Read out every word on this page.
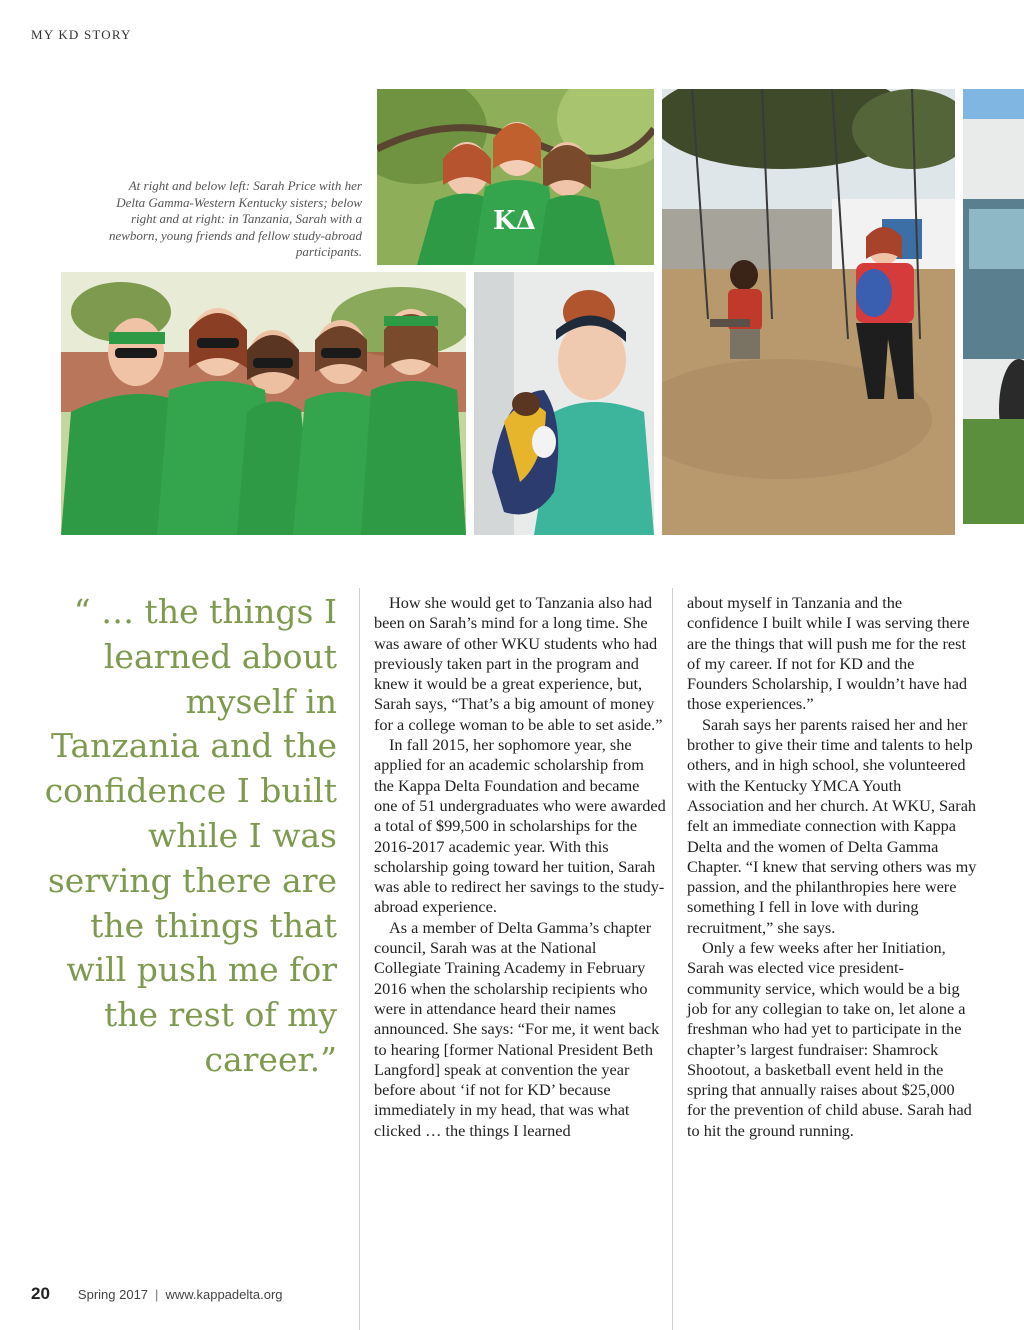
MY KD STORY
ΚΔ
At right and below left: Sarah Price with her Delta Gamma-Western Kentucky sisters; below right and at right: in Tanzania, Sarah with a newborn, young friends and fellow study-abroad participants.
“ … the things I learned about myself in Tanzania and the confidence I built while I was serving there are the things that will push me for the rest of my career.”

How she would get to Tanzania also had been on Sarah’s mind for a long time. She was aware of other WKU students who had previously taken part in the program and knew it would be a great experience, but, Sarah says, “That’s a big amount of money for a college woman to be able to set aside.”

In fall 2015, her sophomore year, she applied for an academic scholarship from the Kappa Delta Foundation and became one of 51 undergraduates who were awarded a total of $99,500 in scholarships for the 2016-2017 academic year. With this scholarship going toward her tuition, Sarah was able to redirect her savings to the study-abroad experience.

As a member of Delta Gamma’s chapter council, Sarah was at the National Collegiate Training Academy in February 2016 when the scholarship recipients who were in attendance heard their names announced. She says: “For me, it went back to hearing [former National President Beth Langford] speak at convention the year before about ‘if not for KD’ because immediately in my head, that was what clicked … the things I learned

about myself in Tanzania and the confidence I built while I was serving there are the things that will push me for the rest of my career. If not for KD and the Founders Scholarship, I wouldn’t have had those experiences.”

Sarah says her parents raised her and her brother to give their time and talents to help others, and in high school, she volunteered with the Kentucky YMCA Youth Association and her church. At WKU, Sarah felt an immediate connection with Kappa Delta and the women of Delta Gamma Chapter. “I knew that serving others was my passion, and the philanthropies here were something I fell in love with during recruitment,” she says.

Only a few weeks after her Initiation, Sarah was elected vice president-community service, which would be a big job for any collegian to take on, let alone a freshman who had yet to participate in the chapter’s largest fundraiser: Shamrock Shootout, a basketball event held in the spring that annually raises about $25,000 for the prevention of child abuse. Sarah had to hit the ground running.

20 Spring 2017 | www.kappadelta.org
